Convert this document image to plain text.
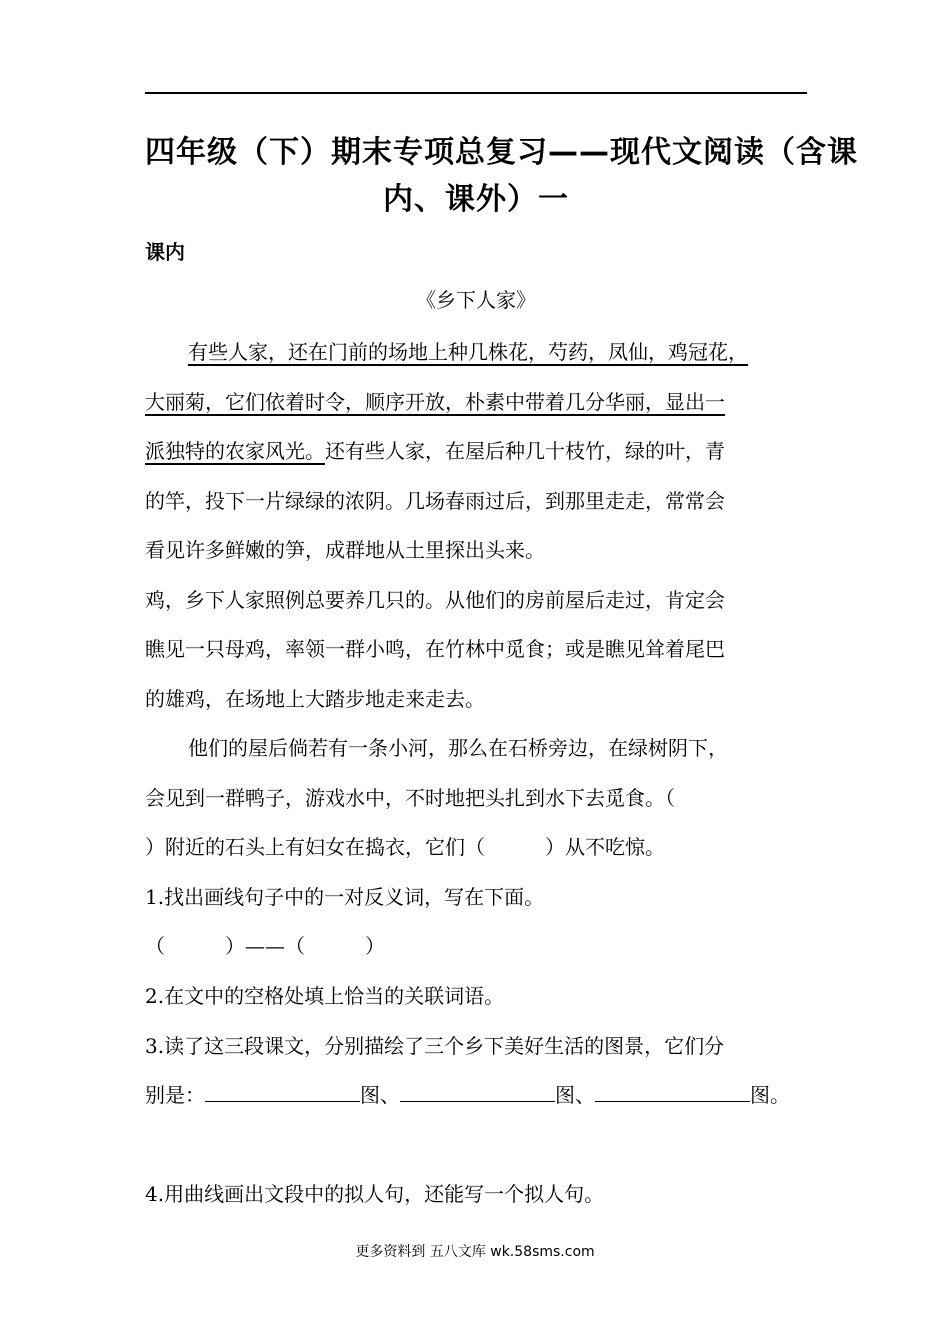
四年级（下）期末专项总复习——现代文阅读（含课
内、课外）一
课内
《乡下人家》
有些人家，还在门前的场地上种几株花，芍药，凤仙，鸡冠花，
大丽菊，它们依着时令，顺序开放，朴素中带着几分华丽，显出一
派独特的农家风光。还有些人家，在屋后种几十枝竹，绿的叶，青
的竿，投下一片绿绿的浓阴。几场春雨过后，到那里走走，常常会
看见许多鲜嫩的笋，成群地从土里探出头来。
鸡，乡下人家照例总要养几只的。从他们的房前屋后走过，肯定会
瞧见一只母鸡，率领一群小鸣，在竹林中觅食；或是瞧见耸着尾巴
的雄鸡，在场地上大踏步地走来走去。
他们的屋后倘若有一条小河，那么在石桥旁边，在绿树阴下，
会见到一群鸭子，游戏水中，不时地把头扎到水下去觅食。（
）附近的石头上有妇女在捣衣，它们（　　　）从不吃惊。
1.找出画线句子中的一对反义词，写在下面。
（　　　）——（　　　）
2.在文中的空格处填上恰当的关联词语。
3.读了这三段课文，分别描绘了三个乡下美好生活的图景，它们分
别是：	图、	图、	图。
4.用曲线画出文段中的拟人句，还能写一个拟人句。
更多资料到 五八文库 wk.58sms.com
